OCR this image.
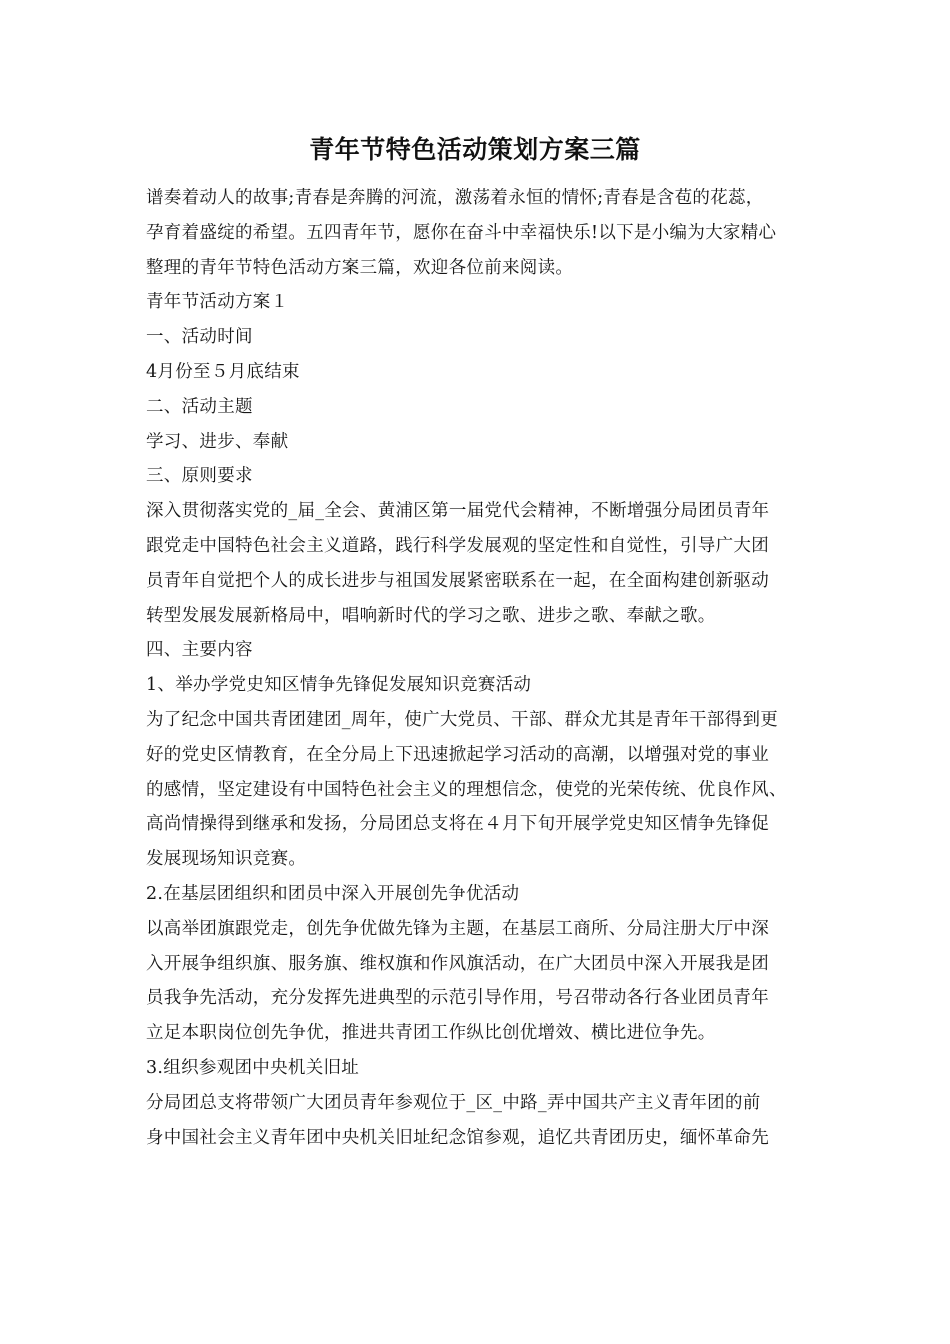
青年节特色活动策划方案三篇
谱奏着动人的故事;青春是奔腾的河流，激荡着永恒的情怀;青春是含苞的花蕊，
孕育着盛绽的希望。五四青年节，愿你在奋斗中幸福快乐!以下是小编为大家精心
整理的青年节特色活动方案三篇，欢迎各位前来阅读。
青年节活动方案１
一、活动时间
4月份至５月底结束
二、活动主题
学习、进步、奉献
三、原则要求
深入贯彻落实党的_届_全会、黄浦区第一届党代会精神，不断增强分局团员青年
跟党走中国特色社会主义道路，践行科学发展观的坚定性和自觉性，引导广大团
员青年自觉把个人的成长进步与祖国发展紧密联系在一起，在全面构建创新驱动
转型发展发展新格局中，唱响新时代的学习之歌、进步之歌、奉献之歌。
四、主要内容
1、举办学党史知区情争先锋促发展知识竞赛活动
为了纪念中国共青团建团_周年，使广大党员、干部、群众尤其是青年干部得到更
好的党史区情教育，在全分局上下迅速掀起学习活动的高潮，以增强对党的事业
的感情，坚定建设有中国特色社会主义的理想信念，使党的光荣传统、优良作风、
高尚情操得到继承和发扬，分局团总支将在４月下旬开展学党史知区情争先锋促
发展现场知识竞赛。
2.在基层团组织和团员中深入开展创先争优活动
以高举团旗跟党走，创先争优做先锋为主题，在基层工商所、分局注册大厅中深
入开展争组织旗、服务旗、维权旗和作风旗活动，在广大团员中深入开展我是团
员我争先活动，充分发挥先进典型的示范引导作用，号召带动各行各业团员青年
立足本职岗位创先争优，推进共青团工作纵比创优增效、横比进位争先。
3.组织参观团中央机关旧址
分局团总支将带领广大团员青年参观位于_区_中路_弄中国共产主义青年团的前
身中国社会主义青年团中央机关旧址纪念馆参观，追忆共青团历史，缅怀革命先
